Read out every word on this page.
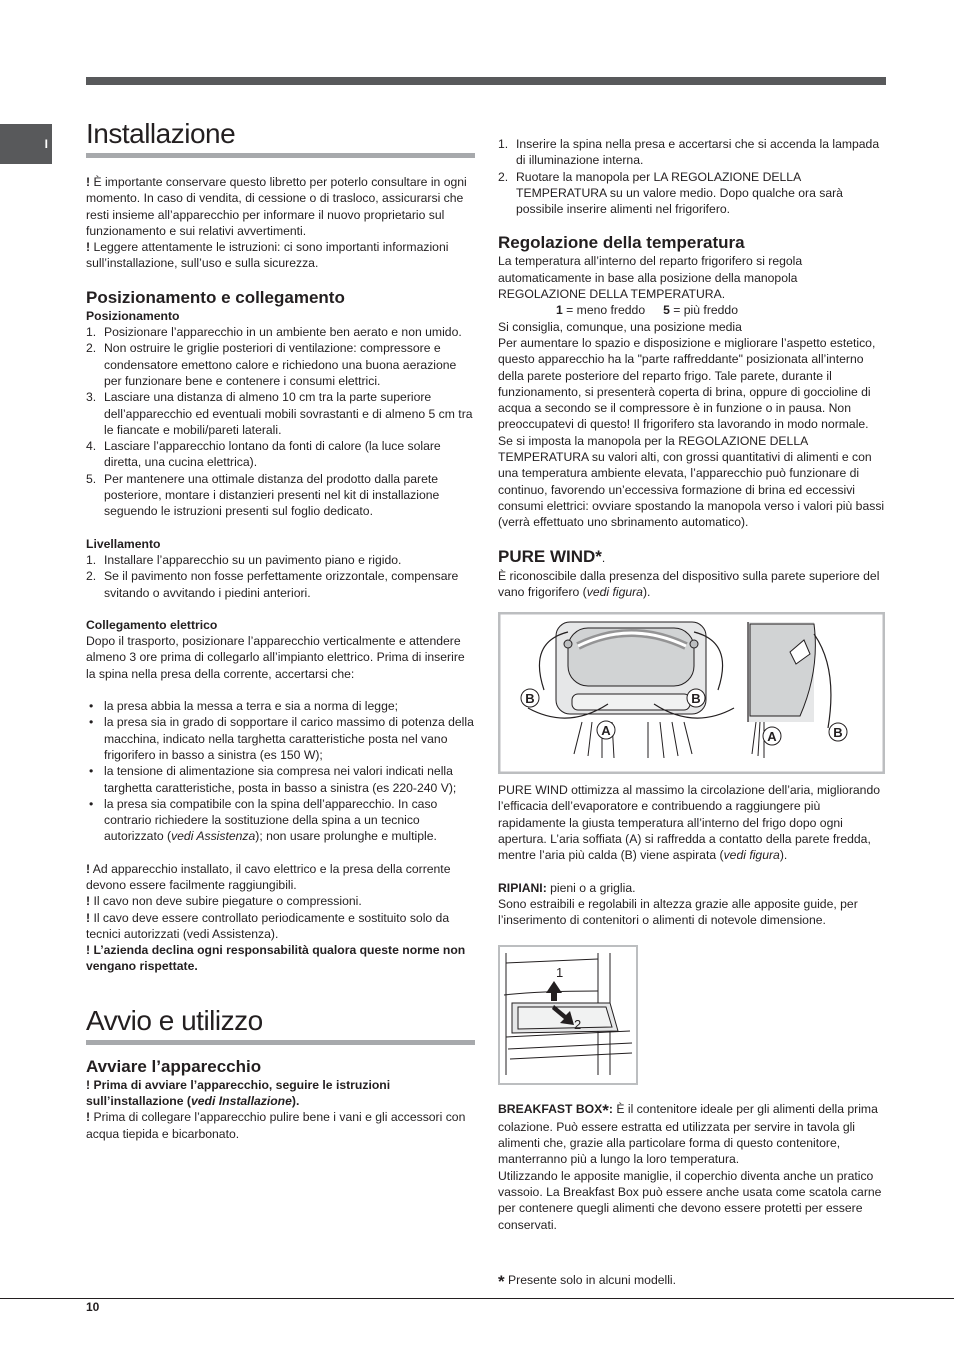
I Installazione

! È importante conservare questo libretto per poterlo consultare in ogni momento. In caso di vendita, di cessione o di trasloco, assicurarsi che resti insieme all’apparecchio per informare il nuovo proprietario sul funzionamento e sui relativi avvertimenti.

! Leggere attentamente le istruzioni: ci sono importanti informazioni sull’installazione, sull’uso e sulla sicurezza.

Posizionamento e collegamento
Posizionamento
1. Posizionare l’apparecchio in un ambiente ben aerato e non umido.
2. Non ostruire le griglie posteriori di ventilazione: compressore e condensatore emettono calore e richiedono una buona aerazione per funzionare bene e contenere i consumi elettrici.
3. Lasciare una distanza di almeno 10 cm tra la parte superiore dell’apparecchio ed eventuali mobili sovrastanti e di almeno 5 cm tra le fiancate e mobili/pareti laterali.
4. Lasciare l’apparecchio lontano da fonti di calore (la luce solare diretta, una cucina elettrica).
5. Per mantenere una ottimale distanza del prodotto dalla parete posteriore, montare i distanzieri presenti nel kit di installazione seguendo le istruzioni presenti sul foglio dedicato.
Livellamento
1. Installare l’apparecchio su un pavimento piano e rigido.
2. Se il pavimento non fosse perfettamente orizzontale, compensare svitando o avvitando i piedini anteriori.
Collegamento elettrico

Dopo il trasporto, posizionare l’apparecchio verticalmente e attendere almeno 3 ore prima di collegarlo all’impianto elettrico. Prima di inserire la spina nella presa della corrente, accertarsi che:

• la presa abbia la messa a terra e sia a norma di legge;
• la presa sia in grado di sopportare il carico massimo di potenza della macchina, indicato nella targhetta caratteristiche posta nel vano frigorifero in basso a sinistra (es 150 W);
• la tensione di alimentazione sia compresa nei valori indicati nella targhetta caratteristiche, posta in basso a sinistra (es 220-240 V);
• la presa sia compatibile con la spina dell’apparecchio. In caso contrario richiedere la sostituzione della spina a un tecnico autorizzato (vedi Assistenza); non usare prolunghe e multiple.

! Ad apparecchio installato, il cavo elettrico e la presa della corrente devono essere facilmente raggiungibili.

! Il cavo non deve subire piegature o compressioni.

! Il cavo deve essere controllato periodicamente e sostituito solo da tecnici autorizzati (vedi Assistenza).

! L’azienda declina ogni responsabilità qualora queste norme non vengano rispettate.

Avvio e utilizzo
Avviare l’apparecchio

! Prima di avviare l’apparecchio, seguire le istruzioni sull’installazione (vedi Installazione).

! Prima di collegare l’apparecchio pulire bene i vani e gli accessori con acqua tiepida e bicarbonato.

1. Inserire la spina nella presa e accertarsi che si accenda la lampada di illuminazione interna.
2. Ruotare la manopola per LA REGOLAZIONE DELLA TEMPERATURA su un valore medio. Dopo qualche ora sarà possibile inserire alimenti nel frigorifero.
Regolazione della temperatura

La temperatura all’interno del reparto frigorifero si regola automaticamente in base alla posizione della manopola REGOLAZIONE DELLA TEMPERATURA.

1 = meno freddo 5 = più freddo

Si consiglia, comunque, una posizione media

Per aumentare lo spazio e disposizione e migliorare l’aspetto estetico, questo apparecchio ha la "parte raffreddante" posizionata all’interno della parete posteriore del reparto frigo. Tale parete, durante il funzionamento, si presenterà coperta di brina, oppure di goccioline di acqua a secondo se il compressore è in funzione o in pausa. Non preoccupatevi di questo! Il frigorifero sta lavorando in modo normale. Se si imposta la manopola per la REGOLAZIONE DELLA TEMPERATURA su valori alti, con grossi quantitativi di alimenti e con una temperatura ambiente elevata, l’apparecchio può funzionare di continuo, favorendo un’eccessiva formazione di brina ed eccessivi consumi elettrici: ovviare spostando la manopola verso i valori più bassi (verrà effettuato uno sbrinamento automatico).

PURE WIND*.

È riconoscibile dalla presenza del dispositivo sulla parete superiore del vano frigorifero (vedi figura).

B	B
A	A	B

PURE WIND ottimizza al massimo la circolazione dell’aria, migliorando l’efficacia dell’evaporatore e contribuendo a raggiungere più rapidamente la giusta temperatura all’interno del frigo dopo ogni apertura. L’aria soffiata (A) si raffredda a contatto della parete fredda, mentre l’aria più calda (B) viene aspirata (vedi figura).

RIPIANI: pieni o a griglia.

Sono estraibili e regolabili in altezza grazie alle apposite guide, per l’inserimento di contenitori o alimenti di notevole dimensione.

1
2

BREAKFAST BOX*: È il contenitore ideale per gli alimenti della prima colazione. Può essere estratta ed utilizzata per servire in tavola gli alimenti che, grazie alla particolare forma di questo contenitore, manterranno più a lungo la loro temperatura.

Utilizzando le apposite maniglie, il coperchio diventa anche un pratico vassoio. La Breakfast Box può essere anche usata come scatola carne per contenere quegli alimenti che devono essere protetti per essere conservati.

* Presente solo in alcuni modelli.
10
